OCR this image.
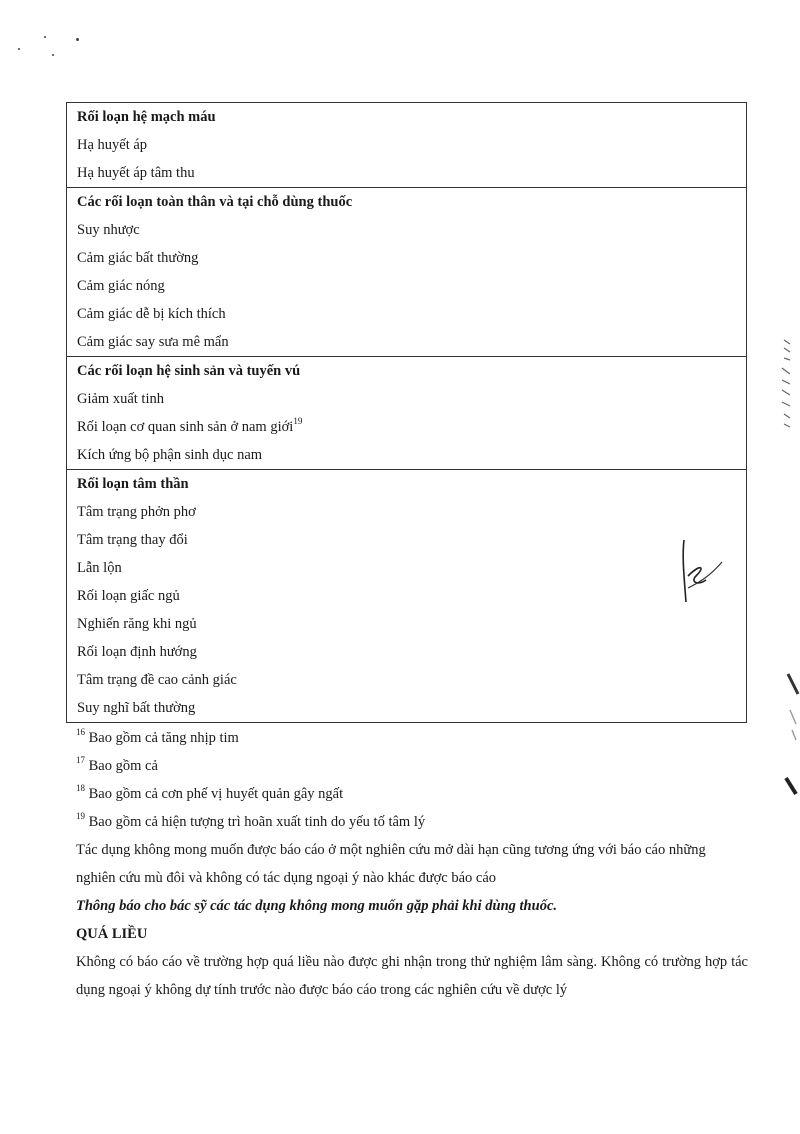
Rối loạn hệ mạch máu
Hạ huyết áp
Hạ huyết áp tâm thu
Các rối loạn toàn thân và tại chỗ dùng thuốc
Suy nhược
Cảm giác bất thường
Cảm giác nóng
Cảm giác dễ bị kích thích
Cảm giác say sưa mê mẩn
Các rối loạn hệ sinh sản và tuyến vú
Giảm xuất tinh
Rối loạn cơ quan sinh sản ở nam giới$^{19}$
Kích ứng bộ phận sinh dục nam
Rối loạn tâm thần
Tâm trạng phởn phơ
Tâm trạng thay đổi
Lẫn lộn
Rối loạn giấc ngủ
Nghiến răng khi ngủ
Rối loạn định hướng
Tâm trạng đề cao cảnh giác
Suy nghĩ bất thường
$^{16}$ Bao gồm cả tăng nhịp tim
$^{17}$ Bao gồm cả
$^{18}$ Bao gồm cả cơn phế vị huyết quản gây ngất
$^{19}$ Bao gồm cả hiện tượng trì hoãn xuất tinh do yếu tố tâm lý
Tác dụng không mong muốn được báo cáo ở một nghiên cứu mở dài hạn cũng tương ứng với báo cáo những nghiên cứu mù đôi và không có tác dụng ngoại ý nào khác được báo cáo
Thông báo cho bác sỹ các tác dụng không mong muốn gặp phải khi dùng thuốc.
QUÁ LIỀU
Không có báo cáo về trường hợp quá liều nào được ghi nhận trong thử nghiệm lâm sàng. Không có trường hợp tác dụng ngoại ý không dự tính trước nào được báo cáo trong các nghiên cứu về dược lý
